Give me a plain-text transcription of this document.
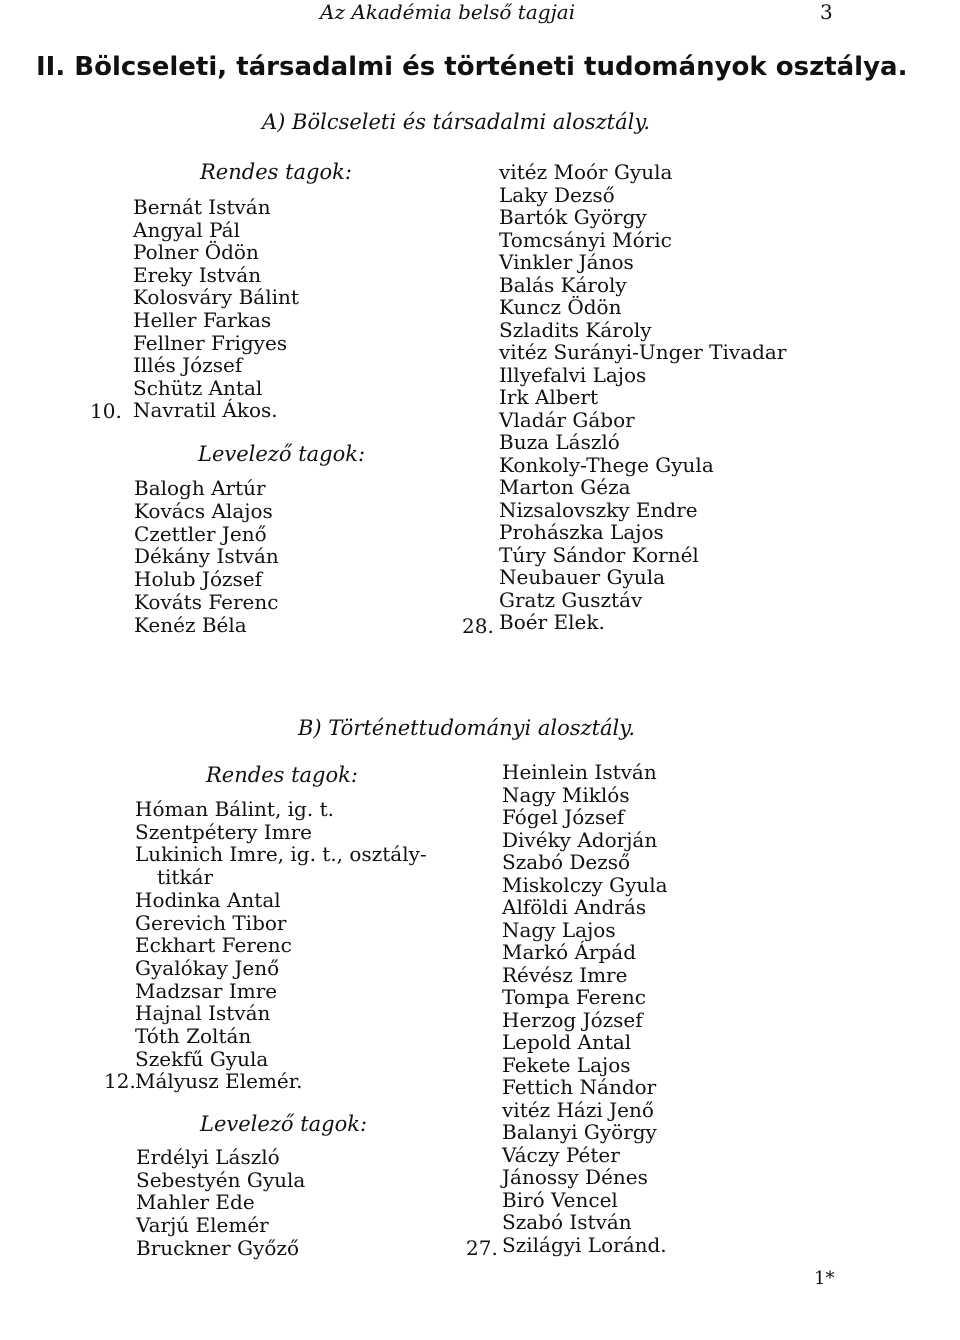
Az Akadémia belső tagjai	3
II. Bölcseleti, társadalmi és történeti tudományok osztálya.
A) Bölcseleti és társadalmi alosztály.
Rendes tagok:
Bernát István
Angyal Pál
Polner Ödön
Ereky István
Kolosváry Bálint
Heller Farkas
Fellner Frigyes
Illés József
Schütz Antal
Navratil Ákos.
10.
Levelező tagok:
Balogh Artúr
Kovács Alajos
Czettler Jenő
Dékány István
Holub József
Kováts Ferenc
Kenéz Béla
vitéz Moór Gyula
Laky Dezső
Bartók György
Tomcsányi Móric
Vinkler János
Balás Károly
Kuncz Ödön
Szladits Károly
vitéz Surányi-Unger Tivadar
Illyefalvi Lajos
Irk Albert
Vladár Gábor
Buza László
Konkoly-Thege Gyula
Marton Géza
Nizsalovszky Endre
Prohászka Lajos
Túry Sándor Kornél
Neubauer Gyula
Gratz Gusztáv
Boér Elek.
28.
B) Történettudományi alosztály.
Rendes tagok:
Hóman Bálint, ig. t.
Szentpétery Imre
Lukinich Imre, ig. t., osztály-
titkár
Hodinka Antal
Gerevich Tibor
Eckhart Ferenc
Gyalókay Jenő
Madzsar Imre
Hajnal István
Tóth Zoltán
Szekfű Gyula
Mályusz Elemér.
12.
Levelező tagok:
Erdélyi László
Sebestyén Gyula
Mahler Ede
Varjú Elemér
Bruckner Győző
Heinlein István
Nagy Miklós
Fógel József
Divéky Adorján
Szabó Dezső
Miskolczy Gyula
Alföldi András
Nagy Lajos
Markó Árpád
Révész Imre
Tompa Ferenc
Herzog József
Lepold Antal
Fekete Lajos
Fettich Nándor
vitéz Házi Jenő
Balanyi György
Váczy Péter
Jánossy Dénes
Biró Vencel
Szabó István
Szilágyi Loránd.
27.
1*
